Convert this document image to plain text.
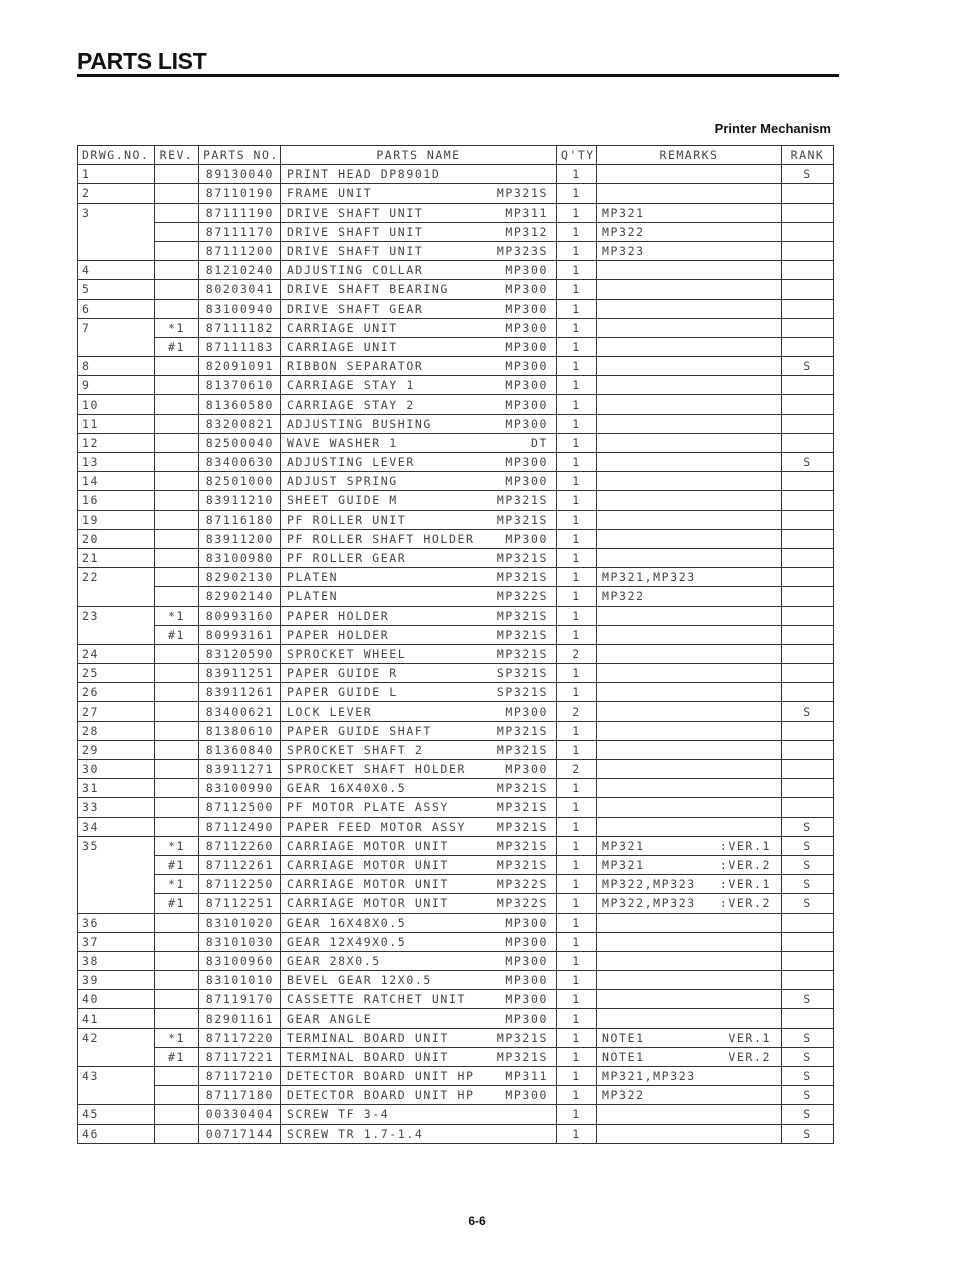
PARTS LIST
Printer Mechanism
DRWG.NO.	REV.	PARTS NO.	PARTS NAME	Q'TY	REMARKS	RANK
1		89130040	PRINT HEAD DP8901D	1		S
2		87110190	FRAME UNIT MP321S	1	

3		87111190	DRIVE SHAFT UNIT MP311	1	MP321	

		87111170	DRIVE SHAFT UNIT MP312	1	MP322	

		87111200	DRIVE SHAFT UNIT MP323S	1	MP323	

4		81210240	ADJUSTING COLLAR MP300	1	

5		80203041	DRIVE SHAFT BEARING MP300	1	

6		83100940	DRIVE SHAFT GEAR MP300	1	

7	*1	87111182	CARRIAGE UNIT MP300	1	

	#1	87111183	CARRIAGE UNIT MP300	1	

8		82091091	RIBBON SEPARATOR MP300	1		S
9		81370610	CARRIAGE STAY 1 MP300	1	

10		81360580	CARRIAGE STAY 2 MP300	1	

11		83200821	ADJUSTING BUSHING MP300	1	

12		82500040	WAVE WASHER 1 DT	1	

13		83400630	ADJUSTING LEVER MP300	1		S
14		82501000	ADJUST SPRING MP300	1	

16		83911210	SHEET GUIDE M MP321S	1	

19		87116180	PF ROLLER UNIT MP321S	1	

20		83911200	PF ROLLER SHAFT HOLDER MP300	1	

21		83100980	PF ROLLER GEAR MP321S	1	

22		82902130	PLATEN MP321S	1	MP321,MP323	

		82902140	PLATEN MP322S	1	MP322	

23	*1	80993160	PAPER HOLDER MP321S	1	

	#1	80993161	PAPER HOLDER MP321S	1	

24		83120590	SPROCKET WHEEL MP321S	2	

25		83911251	PAPER GUIDE R SP321S	1	

26		83911261	PAPER GUIDE L SP321S	1	

27		83400621	LOCK LEVER MP300	2		S
28		81380610	PAPER GUIDE SHAFT MP321S	1	

29		81360840	SPROCKET SHAFT 2 MP321S	1	

30		83911271	SPROCKET SHAFT HOLDER MP300	2	

31		83100990	GEAR 16X40X0.5 MP321S	1	

33		87112500	PF MOTOR PLATE ASSY MP321S	1	

34		87112490	PAPER FEED MOTOR ASSY MP321S	1		S
35	*1	87112260	CARRIAGE MOTOR UNIT MP321S	1	MP321 :VER.1	S
	#1	87112261	CARRIAGE MOTOR UNIT MP321S	1	MP321 :VER.2	S
	*1	87112250	CARRIAGE MOTOR UNIT MP322S	1	MP322,MP323 :VER.1	S
	#1	87112251	CARRIAGE MOTOR UNIT MP322S	1	MP322,MP323 :VER.2	S
36		83101020	GEAR 16X48X0.5 MP300	1	

37		83101030	GEAR 12X49X0.5 MP300	1	

38		83100960	GEAR 28X0.5 MP300	1	

39		83101010	BEVEL GEAR 12X0.5 MP300	1	

40		87119170	CASSETTE RATCHET UNIT MP300	1		S
41		82901161	GEAR ANGLE MP300	1	

42	*1	87117220	TERMINAL BOARD UNIT MP321S	1	NOTE1 VER.1	S
	#1	87117221	TERMINAL BOARD UNIT MP321S	1	NOTE1 VER.2	S
43		87117210	DETECTOR BOARD UNIT HP MP311	1	MP321,MP323	S
		87117180	DETECTOR BOARD UNIT HP MP300	1	MP322	S
45		00330404	SCREW TF 3-4	1		S
46		00717144	SCREW TR 1.7-1.4	1		S
6-6
